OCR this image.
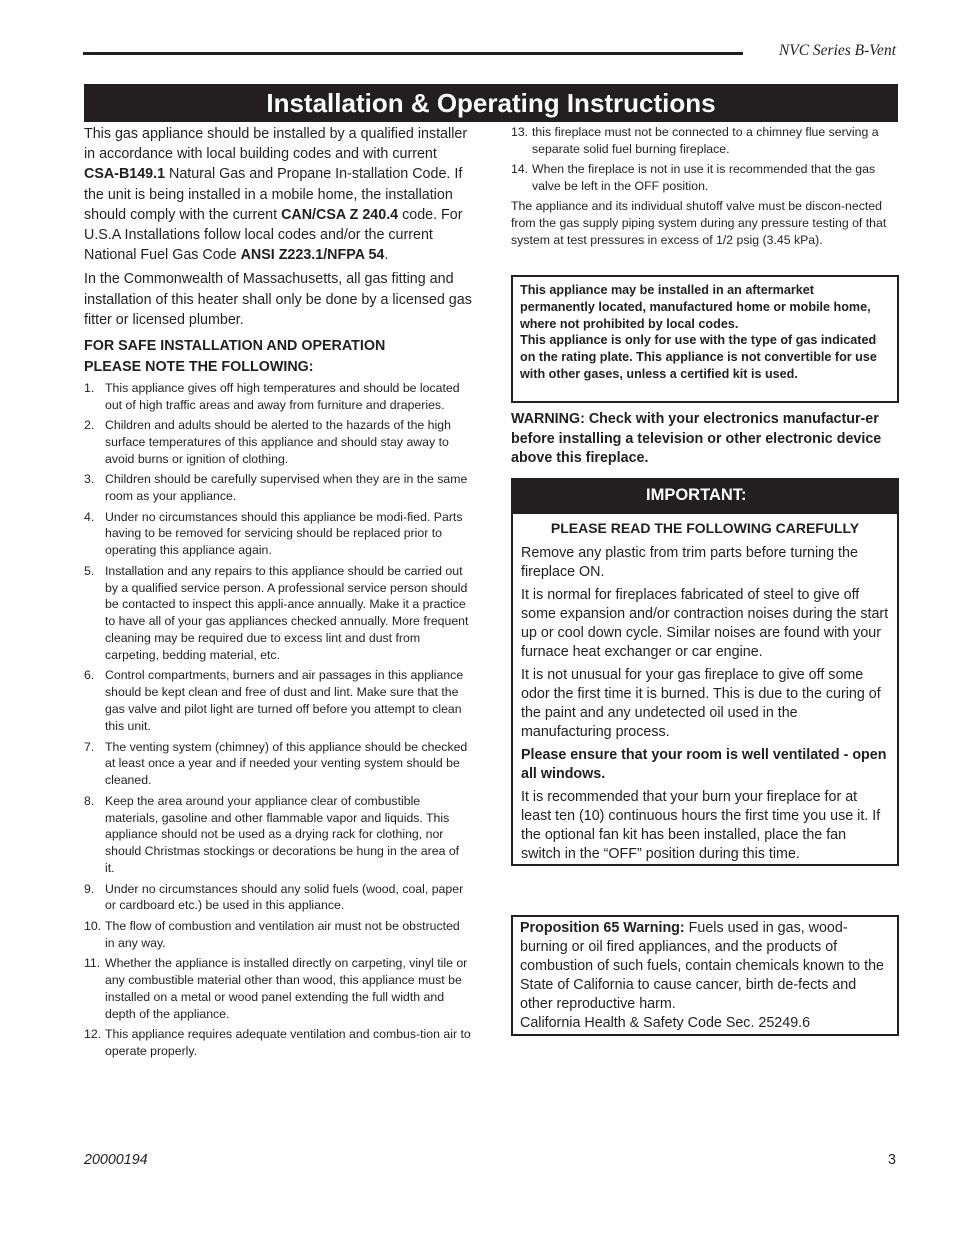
NVC Series B-Vent
Installation & Operating Instructions

This gas appliance should be installed by a qualified installer in accordance with local building codes and with current CSA-B149.1 Natural Gas and Propane In-stallation Code. If the unit is being installed in a mobile home, the installation should comply with the current CAN/CSA Z 240.4 code. For U.S.A Installations follow local codes and/or the current National Fuel Gas Code ANSI Z223.1/NFPA 54.

In the Commonwealth of Massachusetts, all gas fitting and installation of this heater shall only be done by a licensed gas fitter or licensed plumber.

FOR SAFE INSTALLATION AND OPERATION
PLEASE NOTE THE FOLLOWING:
1. This appliance gives off high temperatures and should be located out of high traffic areas and away from furniture and draperies.
2. Children and adults should be alerted to the hazards of the high surface temperatures of this appliance and should stay away to avoid burns or ignition of clothing.
3. Children should be carefully supervised when they are in the same room as your appliance.
4. Under no circumstances should this appliance be modi-fied. Parts having to be removed for servicing should be replaced prior to operating this appliance again.
5. Installation and any repairs to this appliance should be carried out by a qualified service person. A professional service person should be contacted to inspect this appli-ance annually. Make it a practice to have all of your gas appliances checked annually. More frequent cleaning may be required due to excess lint and dust from carpeting, bedding material, etc.
6. Control compartments, burners and air passages in this appliance should be kept clean and free of dust and lint. Make sure that the gas valve and pilot light are turned off before you attempt to clean this unit.
7. The venting system (chimney) of this appliance should be checked at least once a year and if needed your venting system should be cleaned.
8. Keep the area around your appliance clear of combustible materials, gasoline and other flammable vapor and liquids. This appliance should not be used as a drying rack for clothing, nor should Christmas stockings or decorations be hung in the area of it.
9. Under no circumstances should any solid fuels (wood, coal, paper or cardboard etc.) be used in this appliance.
10. The flow of combustion and ventilation air must not be obstructed in any way.
11. Whether the appliance is installed directly on carpeting, vinyl tile or any combustible material other than wood, this appliance must be installed on a metal or wood panel extending the full width and depth of the appliance.
12. This appliance requires adequate ventilation and combus-tion air to operate properly.
13. this fireplace must not be connected to a chimney flue serving a separate solid fuel burning fireplace.
14. When the fireplace is not in use it is recommended that the gas valve be left in the OFF position.

The appliance and its individual shutoff valve must be discon-nected from the gas supply piping system during any pressure testing of that system at test pressures in excess of 1/2 psig (3.45 kPa).

This appliance may be installed in an aftermarket permanently located, manufactured home or mobile home, where not prohibited by local codes.
This appliance is only for use with the type of gas indicated on the rating plate. This appliance is not convertible for use with other gases, unless a certified kit is used.
WARNING: Check with your electronics manufactur-er before installing a television or other electronic device above this fireplace.
IMPORTANT:
PLEASE READ THE FOLLOWING CAREFULLY

Remove any plastic from trim parts before turning the fireplace ON.

It is normal for fireplaces fabricated of steel to give off some expansion and/or contraction noises during the start up or cool down cycle. Similar noises are found with your furnace heat exchanger or car engine.

It is not unusual for your gas fireplace to give off some odor the first time it is burned. This is due to the curing of the paint and any undetected oil used in the manufacturing process.

Please ensure that your room is well ventilated - open all windows.

It is recommended that your burn your fireplace for at least ten (10) continuous hours the first time you use it. If the optional fan kit has been installed, place the fan switch in the “OFF” position during this time.

Proposition 65 Warning: Fuels used in gas, wood-burning or oil fired appliances, and the products of combustion of such fuels, contain chemicals known to the State of California to cause cancer, birth de-fects and other reproductive harm.
California Health & Safety Code Sec. 25249.6
20000194	3
